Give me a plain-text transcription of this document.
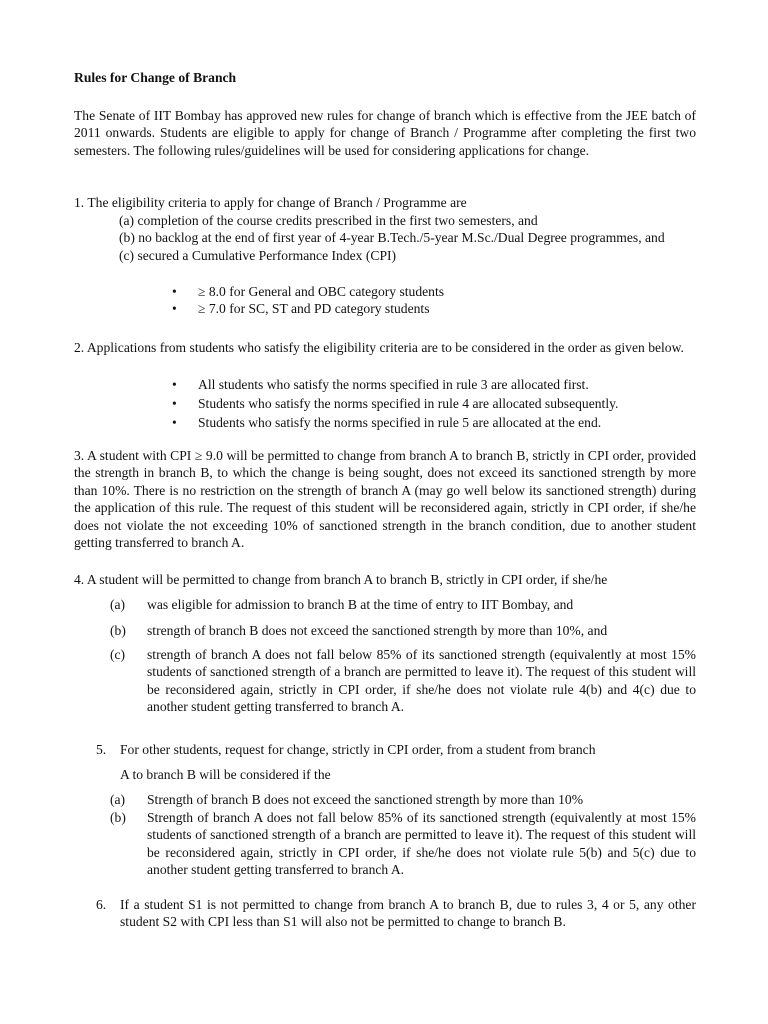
Rules for Change of Branch
The Senate of IIT Bombay has approved new rules for change of branch which is effective from the JEE batch of 2011 onwards. Students are eligible to apply for change of Branch / Programme after completing the first two semesters. The following rules/guidelines will be used for considering applications for change.
1. The eligibility criteria to apply for change of Branch / Programme are
(a) completion of the course credits prescribed in the first two semesters, and
(b) no backlog at the end of first year of 4-year B.Tech./5-year M.Sc./Dual Degree programmes, and
(c) secured a Cumulative Performance Index (CPI)
• ≥ 8.0 for General and OBC category students
• ≥ 7.0 for SC, ST and PD category students
2. Applications from students who satisfy the eligibility criteria are to be considered in the order as given below.
• All students who satisfy the norms specified in rule 3 are allocated first.
• Students who satisfy the norms specified in rule 4 are allocated subsequently.
• Students who satisfy the norms specified in rule 5 are allocated at the end.
3. A student with CPI ≥ 9.0 will be permitted to change from branch A to branch B, strictly in CPI order, provided the strength in branch B, to which the change is being sought, does not exceed its sanctioned strength by more than 10%. There is no restriction on the strength of branch A (may go well below its sanctioned strength) during the application of this rule. The request of this student will be reconsidered again, strictly in CPI order, if she/he does not violate the not exceeding 10% of sanctioned strength in the branch condition, due to another student getting transferred to branch A.
4. A student will be permitted to change from branch A to branch B, strictly in CPI order, if she/he
(a) was eligible for admission to branch B at the time of entry to IIT Bombay, and
(b) strength of branch B does not exceed the sanctioned strength by more than 10%, and
(c) strength of branch A does not fall below 85% of its sanctioned strength (equivalently at most 15% students of sanctioned strength of a branch are permitted to leave it). The request of this student will be reconsidered again, strictly in CPI order, if she/he does not violate rule 4(b) and 4(c) due to another student getting transferred to branch A.
5. For other students, request for change, strictly in CPI order, from a student from branch
A to branch B will be considered if the
(a) Strength of branch B does not exceed the sanctioned strength by more than 10%
(b) Strength of branch A does not fall below 85% of its sanctioned strength (equivalently at most 15% students of sanctioned strength of a branch are permitted to leave it). The request of this student will be reconsidered again, strictly in CPI order, if she/he does not violate rule 5(b) and 5(c) due to another student getting transferred to branch A.
6. If a student S1 is not permitted to change from branch A to branch B, due to rules 3, 4 or 5, any other student S2 with CPI less than S1 will also not be permitted to change to branch B.
